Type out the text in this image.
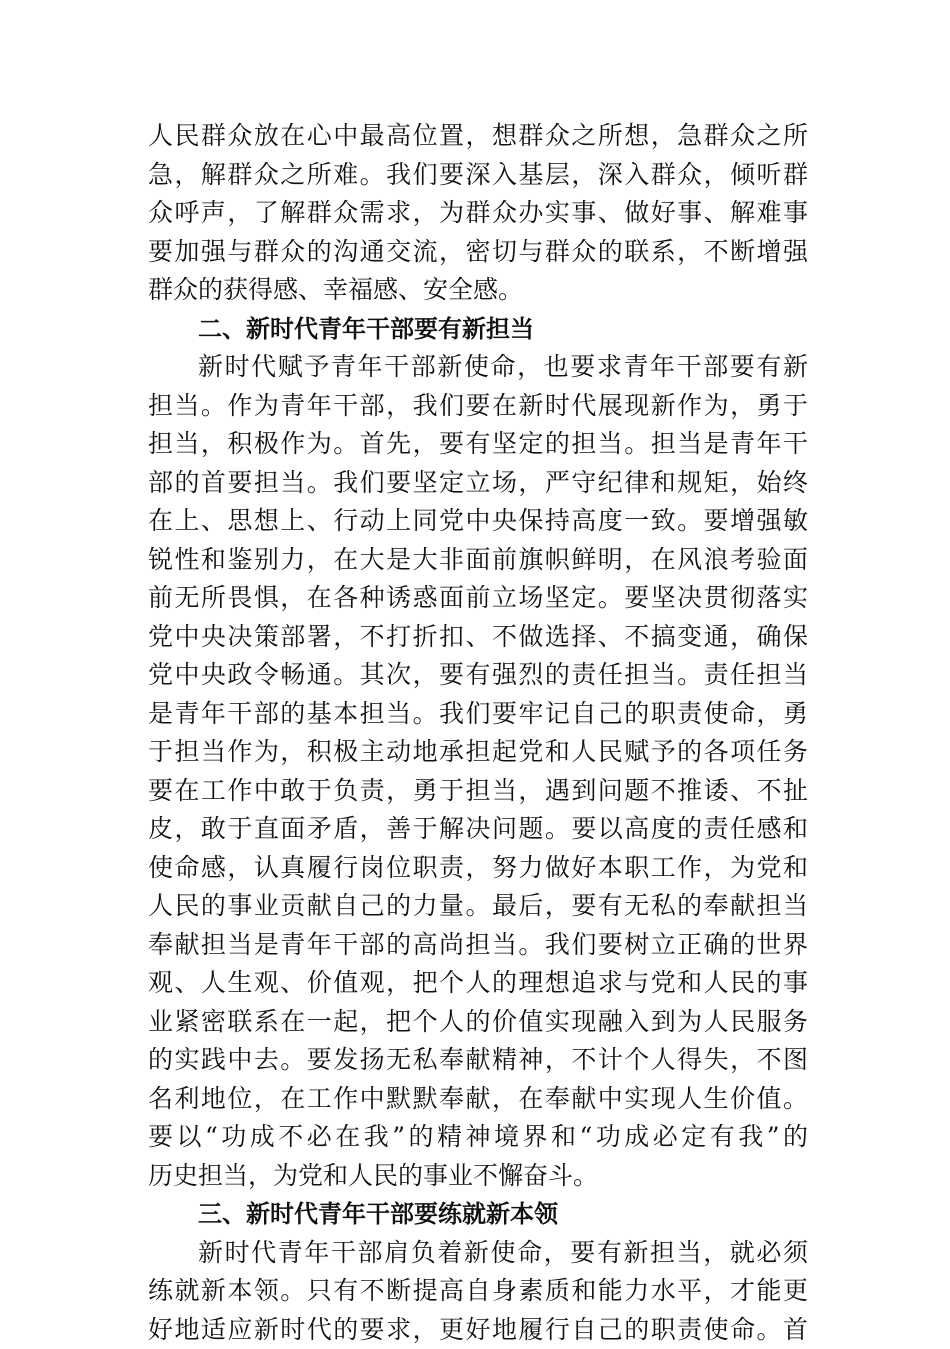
人民群众放在心中最高位置，想群众之所想，急群众之所
急，解群众之所难。我们要深入基层，深入群众，倾听群
众呼声，了解群众需求，为群众办实事、做好事、解难事
要加强与群众的沟通交流，密切与群众的联系，不断增强
群众的获得感、幸福感、安全感。
二、新时代青年干部要有新担当
新时代赋予青年干部新使命，也要求青年干部要有新
担当。作为青年干部，我们要在新时代展现新作为，勇于
担当，积极作为。首先，要有坚定的担当。担当是青年干
部的首要担当。我们要坚定立场，严守纪律和规矩，始终
在上、思想上、行动上同党中央保持高度一致。要增强敏
锐性和鉴别力，在大是大非面前旗帜鲜明，在风浪考验面
前无所畏惧，在各种诱惑面前立场坚定。要坚决贯彻落实
党中央决策部署，不打折扣、不做选择、不搞变通，确保
党中央政令畅通。其次，要有强烈的责任担当。责任担当
是青年干部的基本担当。我们要牢记自己的职责使命，勇
于担当作为，积极主动地承担起党和人民赋予的各项任务
要在工作中敢于负责，勇于担当，遇到问题不推诿、不扯
皮，敢于直面矛盾，善于解决问题。要以高度的责任感和
使命感，认真履行岗位职责，努力做好本职工作，为党和
人民的事业贡献自己的力量。最后，要有无私的奉献担当
奉献担当是青年干部的高尚担当。我们要树立正确的世界
观、人生观、价值观，把个人的理想追求与党和人民的事
业紧密联系在一起，把个人的价值实现融入到为人民服务
的实践中去。要发扬无私奉献精神，不计个人得失，不图
名利地位，在工作中默默奉献，在奉献中实现人生价值。
要以“功成不必在我”的精神境界和“功成必定有我”的
历史担当，为党和人民的事业不懈奋斗。
三、新时代青年干部要练就新本领
新时代青年干部肩负着新使命，要有新担当，就必须
练就新本领。只有不断提高自身素质和能力水平，才能更
好地适应新时代的要求，更好地履行自己的职责使命。首
